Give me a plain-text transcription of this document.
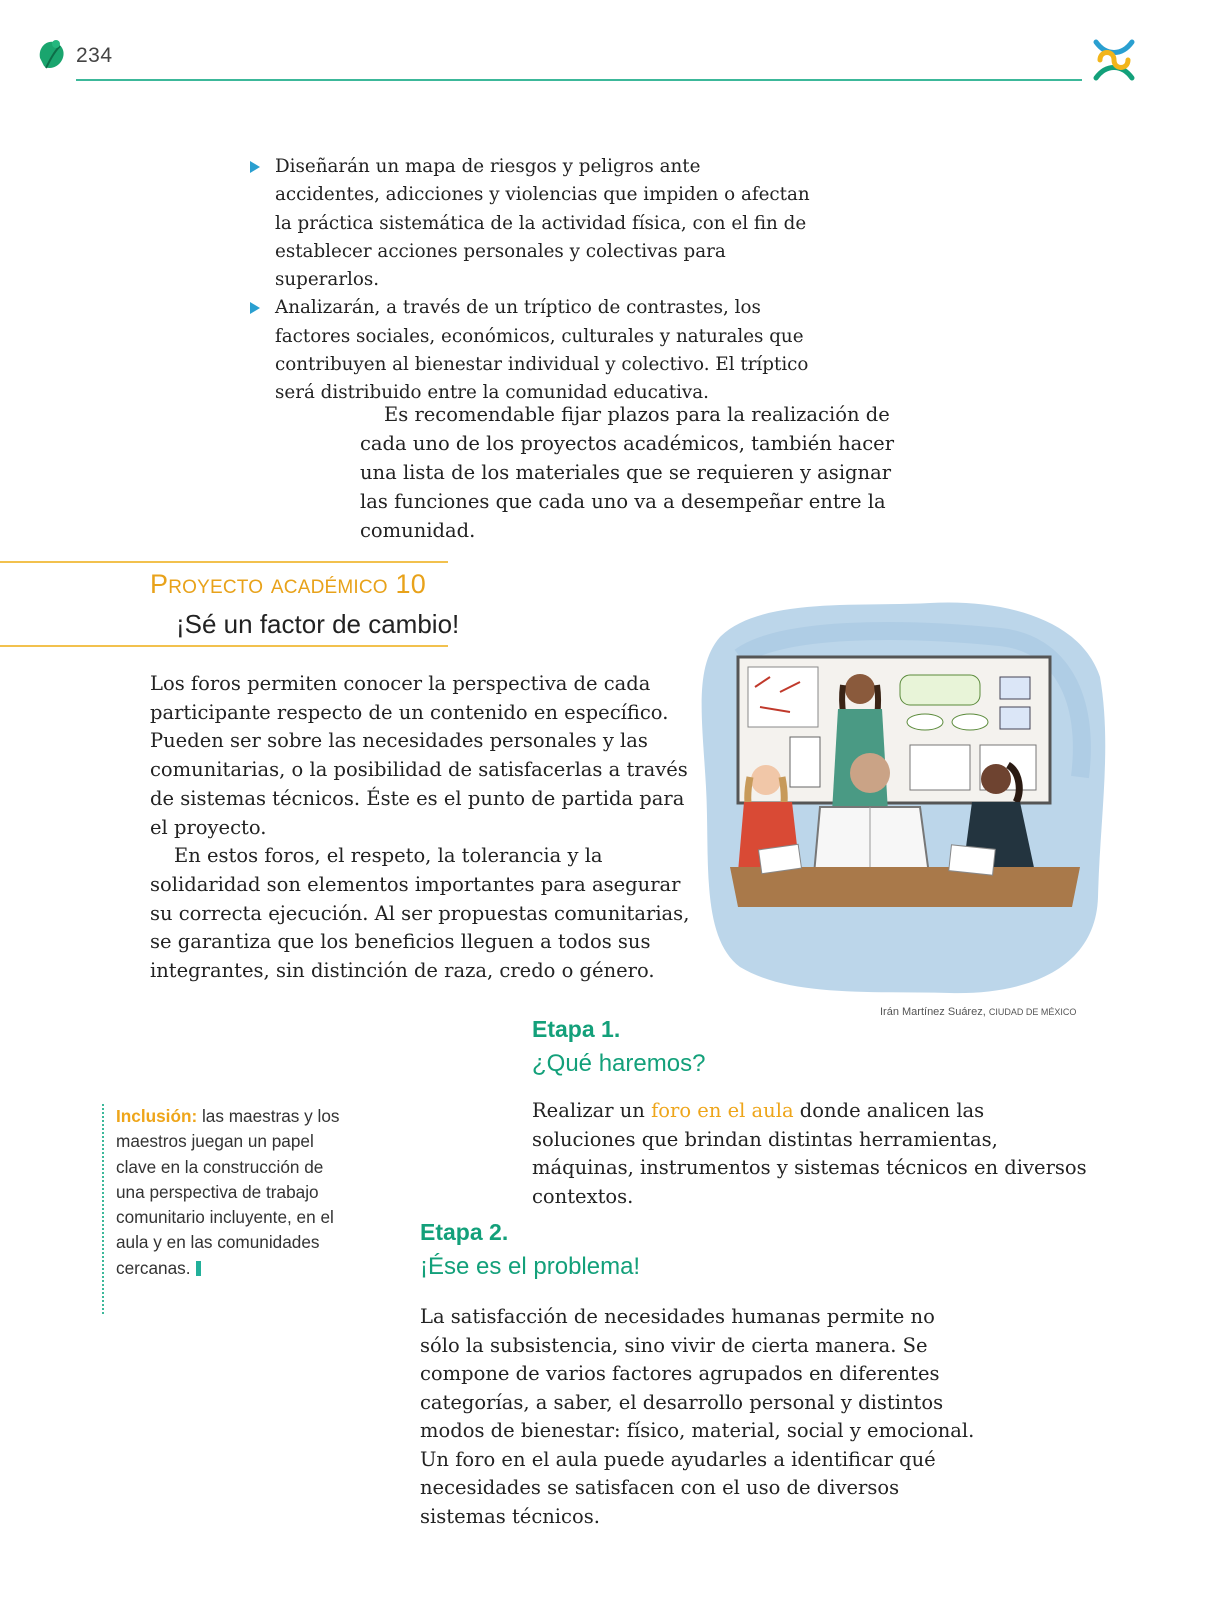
234
Diseñarán un mapa de riesgos y peligros ante accidentes, adicciones y violencias que impiden o afectan la práctica sistemática de la actividad física, con el fin de establecer acciones personales y colectivas para superarlos.
Analizarán, a través de un tríptico de contrastes, los factores sociales, económicos, culturales y naturales que contribuyen al bienestar individual y colectivo. El tríptico será distribuido entre la comunidad educativa.

Es recomendable fijar plazos para la realización de cada uno de los proyectos académicos, también hacer una lista de los materiales que se requieren y asignar las funciones que cada uno va a desempeñar entre la comunidad.

Proyecto académico 10
¡Sé un factor de cambio!

Los foros permiten conocer la perspectiva de cada participante respecto de un contenido en específico. Pueden ser sobre las necesidades personales y las comunitarias, o la posibilidad de satisfacerlas a través de sistemas técnicos. Éste es el punto de partida para el proyecto.

En estos foros, el respeto, la tolerancia y la solidaridad son elementos importantes para asegurar su correcta ejecución. Al ser propuestas comunitarias, se garantiza que los beneficios lleguen a todos sus integrantes, sin distinción de raza, credo o género.

Irán Martínez Suárez, CIUDAD DE MÉXICO
Etapa 1.
¿Qué haremos?

Realizar un foro en el aula donde analicen las soluciones que brindan distintas herramientas, máquinas, instrumentos y sistemas técnicos en diversos contextos.

Inclusión: las maestras y los maestros juegan un papel clave en la construcción de una perspectiva de trabajo comunitario incluyente, en el aula y en las comunidades cercanas.

Etapa 2.
¡Ése es el problema!

La satisfacción de necesidades humanas permite no sólo la subsistencia, sino vivir de cierta manera. Se compone de varios factores agrupados en diferentes categorías, a saber, el desarrollo personal y distintos modos de bienestar: físico, material, social y emocional. Un foro en el aula puede ayudarles a identificar qué necesidades se satisfacen con el uso de diversos sistemas técnicos.
